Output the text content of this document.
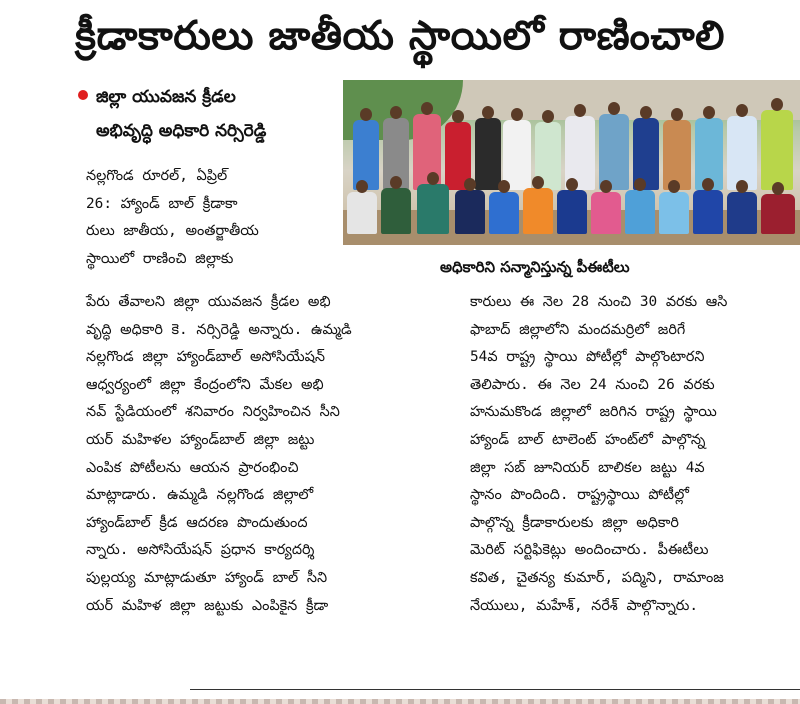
క్రీడాకారులు జాతీయ స్థాయిలో రాణించాలి
జిల్లా యువజన క్రీడల
అభివృద్ధి అధికారి నర్సిరెడ్డి
అధికారిని సన్మానిస్తున్న పీఈటీలు
నల్లగొండ రూరల్, ఏప్రిల్
26: హ్యాండ్ బాల్ క్రీడాకా
రులు జాతీయ, అంతర్జాతీయ
స్థాయిలో రాణించి జిల్లాకు
పేరు తేవాలని జిల్లా యువజన క్రీడల అభి
వృద్ధి అధికారి కె. నర్సిరెడ్డి అన్నారు. ఉమ్మడి
నల్లగొండ జిల్లా హ్యాండ్‌బాల్ అసోసియేషన్
ఆధ్వర్యంలో జిల్లా కేంద్రంలోని మేకల అభి
నవ్ స్టేడియంలో శనివారం నిర్వహించిన సీని
యర్ మహిళల హ్యాండ్‌బాల్ జిల్లా జట్టు
ఎంపిక పోటీలను ఆయన ప్రారంభించి
మాట్లాడారు. ఉమ్మడి నల్లగొండ జిల్లాలో
హ్యాండ్‌బాల్ క్రీడ ఆదరణ పొందుతుంద
న్నారు. అసోసియేషన్ ప్రధాన కార్యదర్శి
పుల్లయ్య మాట్లాడుతూ హ్యాండ్ బాల్ సీని
యర్ మహిళ జిల్లా జట్టుకు ఎంపికైన క్రీడా
కారులు ఈ నెల 28 నుంచి 30 వరకు ఆసి
ఫాబాద్ జిల్లాలోని మందమర్రిలో జరిగే
54వ రాష్ట్ర స్థాయి పోటీల్లో పాల్గొంటారని
తెలిపారు. ఈ నెల 24 నుంచి 26 వరకు
హనుమకొండ జిల్లాలో జరిగిన రాష్ట్ర స్థాయి
హ్యాండ్ బాల్ టాలెంట్ హంట్‌లో పాల్గొన్న
జిల్లా సబ్ జూనియర్ బాలికల జట్టు 4వ
స్థానం పొందింది. రాష్ట్రస్థాయి పోటీల్లో
పాల్గొన్న క్రీడాకారులకు జిల్లా అధికారి
మెరిట్ సర్టిఫికెట్లు అందించారు. పీఈటీలు
కవిత, చైతన్య కుమార్, పద్మిని, రామాంజ
నేయులు, మహేశ్, నరేశ్ పాల్గొన్నారు.
